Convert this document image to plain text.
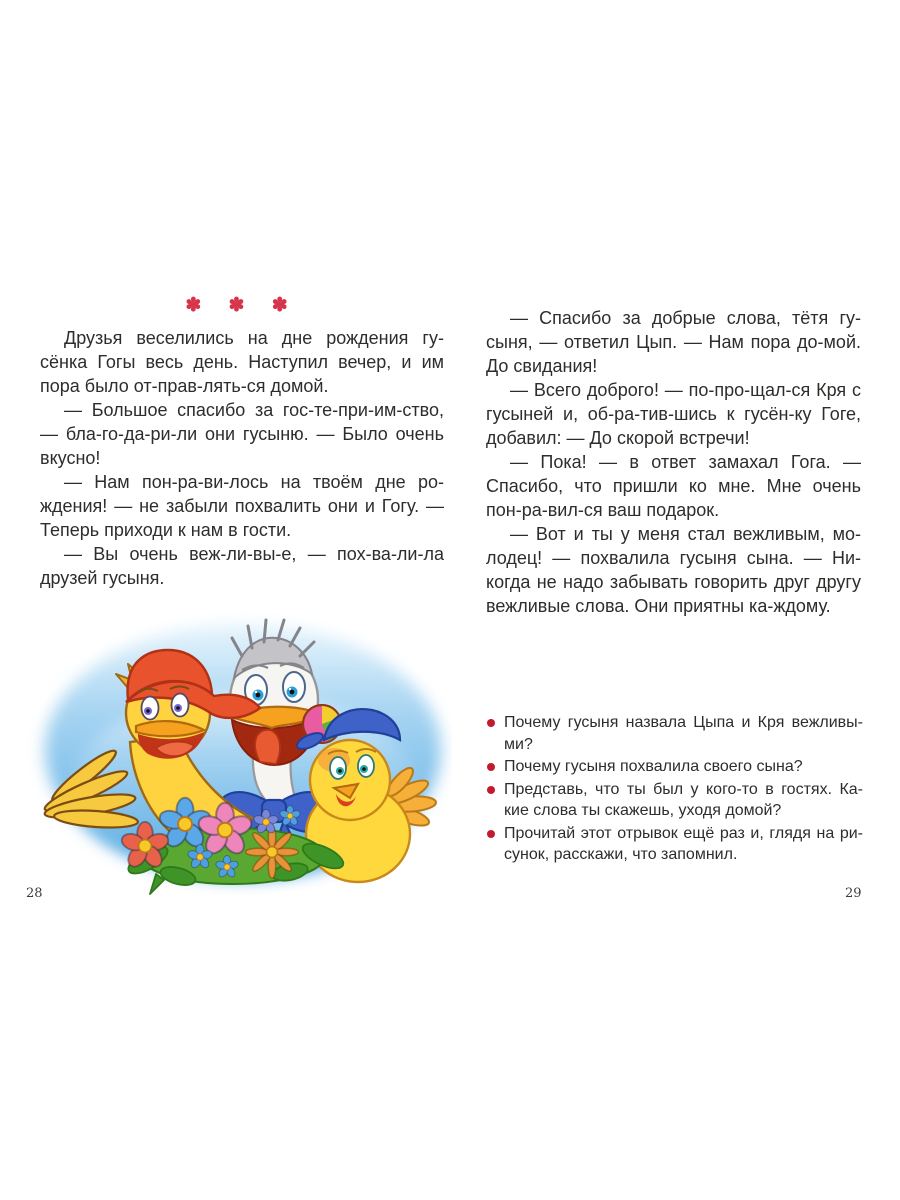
✽ ✽ ✽

Друзья веселились на дне рождения гу-сёнка Гогы весь день. Наступил вечер, и им пора было от-прав-лять-ся домой.

— Большое спасибо за гос-те-при-им-ство, — бла-го-да-ри-ли они гусыню. — Было очень вкусно!

— Нам пон-ра-ви-лось на твоём дне ро-ждения! — не забыли похвалить они и Гогу. — Теперь приходи к нам в гости.

— Вы очень веж-ли-вы-е, — пох-ва-ли-ла друзей гусыня.

28

— Спасибо за добрые слова, тётя гу-сыня, — ответил Цып. — Нам пора до-мой. До свидания!

— Всего доброго! — по-про-щал-ся Кря с гусыней и, об-ра-тив-шись к гусён-ку Гоге, добавил: — До скорой встречи!

— Пока! — в ответ замахал Гога. — Спасибо, что пришли ко мне. Мне очень пон-ра-вил-ся ваш подарок.

— Вот и ты у меня стал вежливым, мо-лодец! — похвалила гусыня сына. — Ни-когда не надо забывать говорить друг другу вежливые слова. Они приятны ка-ждому.

Почему гусыня назвала Цыпа и Кря вежливы-ми?
Почему гусыня похвалила своего сына?
Представь, что ты был у кого-то в гостях. Ка-кие слова ты скажешь, уходя домой?
Прочитай этот отрывок ещё раз и, глядя на ри-сунок, расскажи, что запомнил.
29
